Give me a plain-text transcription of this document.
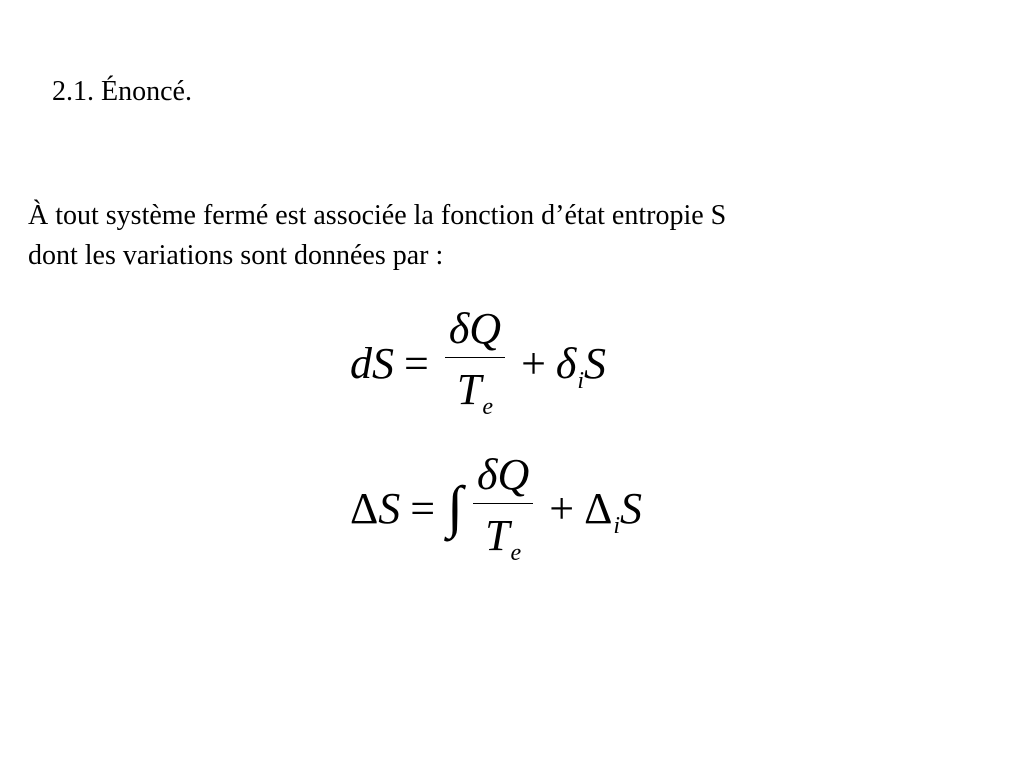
2.1. Énoncé.

À tout système fermé est associée la fonction d’état entropie S
dont les variations sont données par :

d $S = \frac{\text{δ Q}}{\text{T e}} + \delta$ i S
Δ S = ∫ $\frac{\text{δ Q}}{\text{T e}} + \Delta$ i S
